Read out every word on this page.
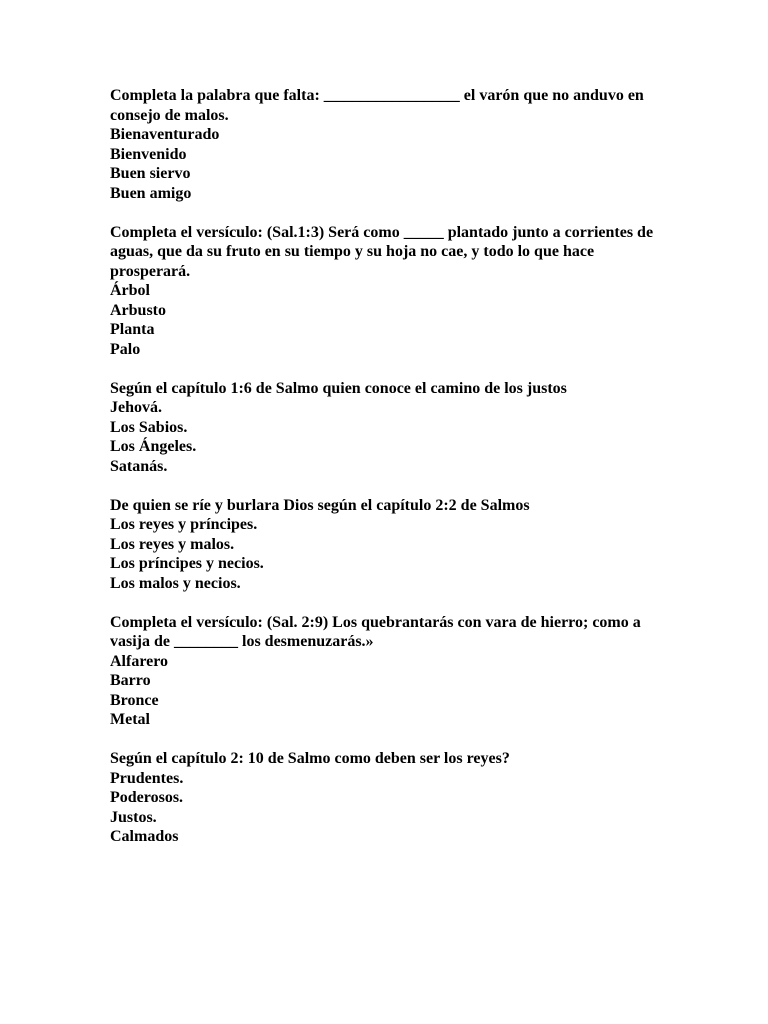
Completa la palabra que falta: _________________ el varón que no anduvo en consejo de malos.
Bienaventurado
Bienvenido
Buen siervo
Buen amigo
Completa el versículo: (Sal.1:3) Será como _____ plantado junto a corrientes de aguas, que da su fruto en su tiempo y su hoja no cae, y todo lo que hace prosperará.
Árbol
Arbusto
Planta
Palo
Según el capítulo 1:6 de Salmo quien conoce el camino de los justos
Jehová.
Los Sabios.
Los Ángeles.
Satanás.
De quien se ríe y burlara Dios según el capítulo 2:2 de Salmos
Los reyes y príncipes.
Los reyes y malos.
Los príncipes y necios.
Los malos y necios.
Completa el versículo: (Sal. 2:9) Los quebrantarás con vara de hierro; como a vasija de ________ los desmenuzarás.»
Alfarero
Barro
Bronce
Metal
Según el capítulo 2: 10 de Salmo como deben ser los reyes?
Prudentes.
Poderosos.
Justos.
Calmados
